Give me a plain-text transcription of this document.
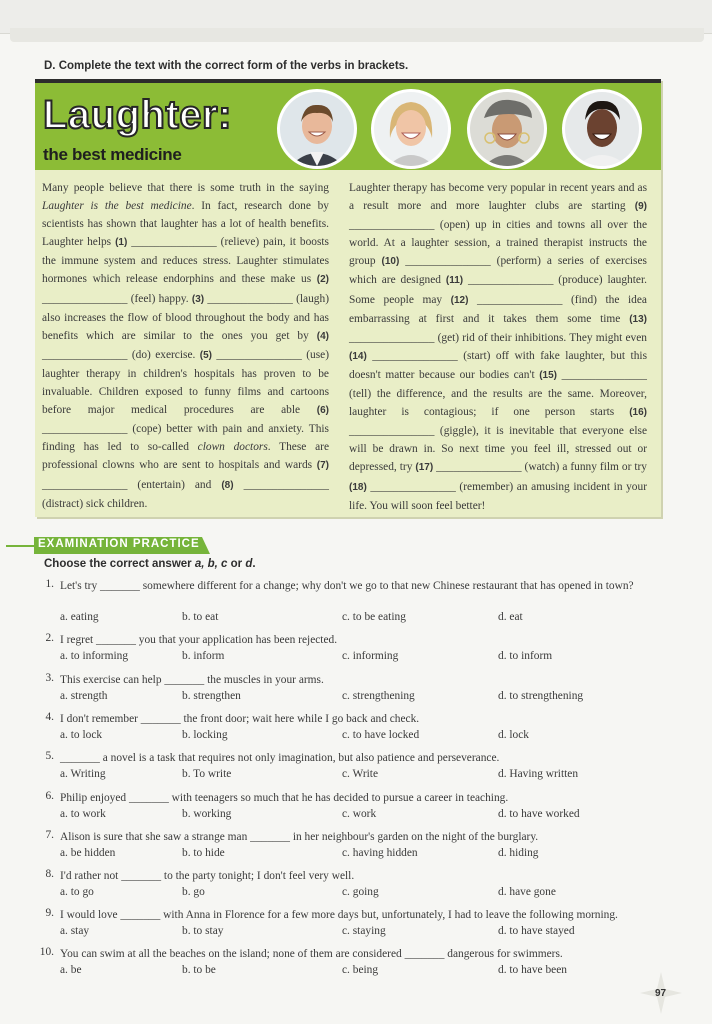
D. Complete the text with the correct form of the verbs in brackets.
Laughter:
the best medicine
Many people believe that there is some truth in the saying Laughter is the best medicine. In fact, research done by scientists has shown that laughter has a lot of health benefits. Laughter helps (1) _______________ (relieve) pain, it boosts the immune system and reduces stress. Laughter stimulates hormones which release endorphins and these make us (2) _______________ (feel) happy. (3) _______________ (laugh) also increases the flow of blood throughout the body and has benefits which are similar to the ones you get by (4) _______________ (do) exercise. (5) _______________ (use) laughter therapy in children's hospitals has proven to be invaluable. Children exposed to funny films and cartoons before major medical procedures are able (6) _______________ (cope) better with pain and anxiety. This finding has led to so-called clown doctors. These are professional clowns who are sent to hospitals and wards (7) _______________ (entertain) and (8) _______________ (distract) sick children.
Laughter therapy has become very popular in recent years and as a result more and more laughter clubs are starting (9) _______________ (open) up in cities and towns all over the world. At a laughter session, a trained therapist instructs the group (10) _______________ (perform) a series of exercises which are designed (11) _______________ (produce) laughter. Some people may (12) _______________ (find) the idea embarrassing at first and it takes them some time (13) _______________ (get) rid of their inhibitions. They might even (14) _______________ (start) off with fake laughter, but this doesn't matter because our bodies can't (15) _______________ (tell) the difference, and the results are the same. Moreover, laughter is contagious; if one person starts (16) _______________ (giggle), it is inevitable that everyone else will be drawn in. So next time you feel ill, stressed out or depressed, try (17) _______________ (watch) a funny film or try (18) _______________ (remember) an amusing incident in your life. You will soon feel better!
EXAMINATION PRACTICE
Choose the correct answer a, b, c or d.
1. Let's try _______ somewhere different for a change; why don't we go to that new Chinese restaurant that has opened in town?
a. eating	b. to eat	c. to be eating	d. eat
2. I regret _______ you that your application has been rejected.
a. to informing	b. inform	c. informing	d. to inform
3. This exercise can help _______ the muscles in your arms.
a. strength	b. strengthen	c. strengthening	d. to strengthening
4. I don't remember _______ the front door; wait here while I go back and check.
a. to lock	b. locking	c. to have locked	d. lock
5. _______ a novel is a task that requires not only imagination, but also patience and perseverance.
a. Writing	b. To write	c. Write	d. Having written
6. Philip enjoyed _______ with teenagers so much that he has decided to pursue a career in teaching.
a. to work	b. working	c. work	d. to have worked
7. Alison is sure that she saw a strange man _______ in her neighbour's garden on the night of the burglary.
a. be hidden	b. to hide	c. having hidden	d. hiding
8. I'd rather not _______ to the party tonight; I don't feel very well.
a. to go	b. go	c. going	d. have gone
9. I would love _______ with Anna in Florence for a few more days but, unfortunately, I had to leave the following morning.
a. stay	b. to stay	c. staying	d. to have stayed
10. You can swim at all the beaches on the island; none of them are considered _______ dangerous for swimmers.
a. be	b. to be	c. being	d. to have been
97
